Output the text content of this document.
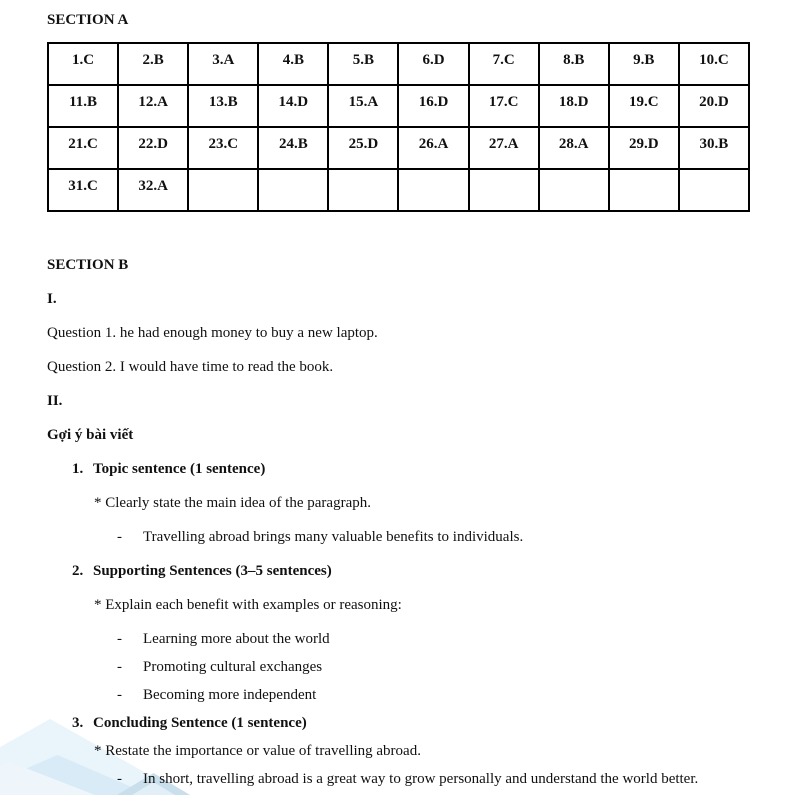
SECTION A
1.C	2.B	3.A	4.B	5.B	6.D	7.C	8.B	9.B	10.C
11.B	12.A	13.B	14.D	15.A	16.D	17.C	18.D	19.C	20.D
21.C	22.D	23.C	24.B	25.D	26.A	27.A	28.A	29.D	30.B
31.C	32.A								
SECTION B
I.
Question 1. he had enough money to buy a new laptop.
Question 2. I would have time to read the book.
II.
Gợi ý bài viết
1. Topic sentence (1 sentence)
* Clearly state the main idea of the paragraph.
-	Travelling abroad brings many valuable benefits to individuals.
2. Supporting Sentences (3–5 sentences)
* Explain each benefit with examples or reasoning:
-	Learning more about the world
-	Promoting cultural exchanges
-	Becoming more independent
3. Concluding Sentence (1 sentence)
* Restate the importance or value of travelling abroad.
-	In short, travelling abroad is a great way to grow personally and understand the world better.
